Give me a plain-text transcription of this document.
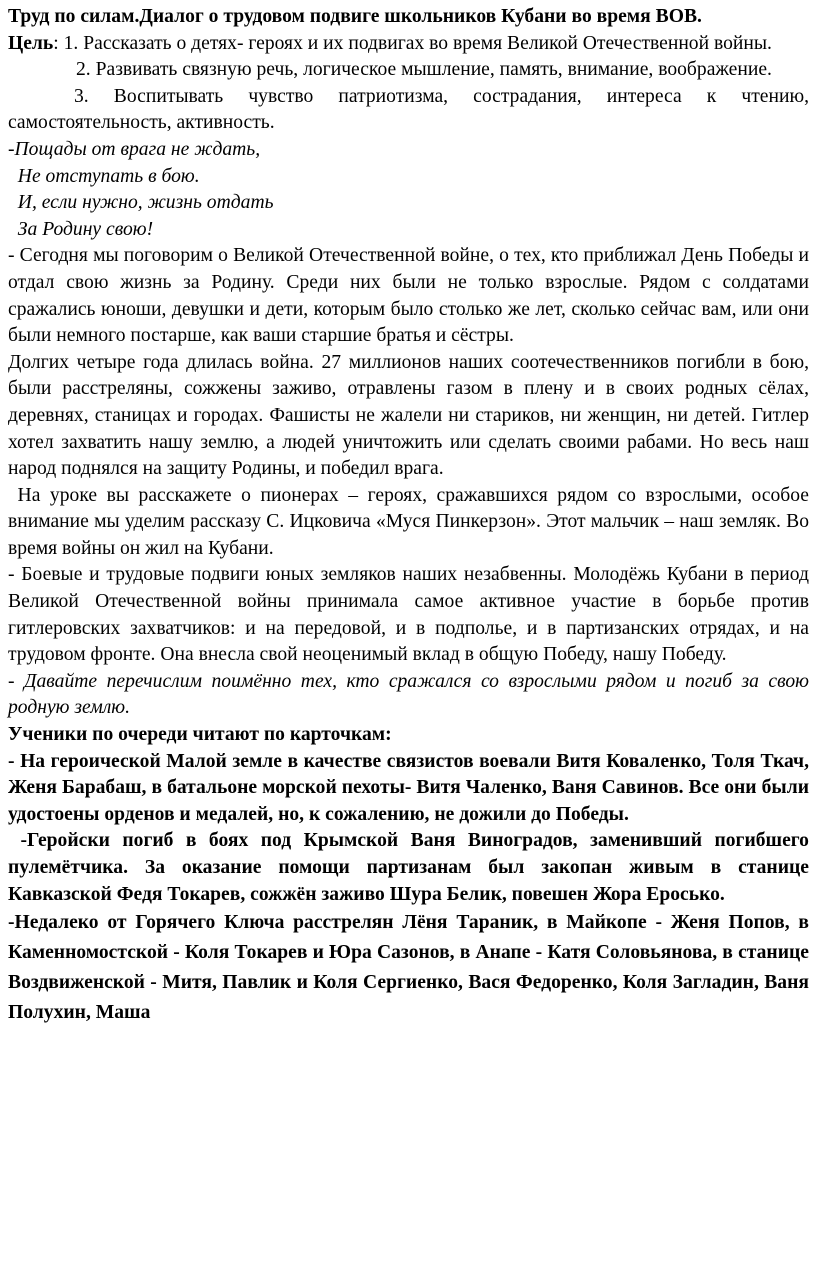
Труд по силам.Диалог о трудовом подвиге школьников Кубани во время ВОВ.

Цель: 1. Рассказать о детях- героях и их подвигах во время Великой Отечественной войны.

2. Развивать связную речь, логическое мышление, память, внимание, воображение.

3. Воспитывать чувство патриотизма, сострадания, интереса к чтению, самостоятельность, активность.

-Пощады от врага не ждать,
Не отступать в бою.
И, если нужно, жизнь отдать
За Родину свою!

- Сегодня мы поговорим о Великой Отечественной войне, о тех, кто приближал День Победы и отдал свою жизнь за Родину. Среди них были не только взрослые. Рядом с солдатами сражались юноши, девушки и дети, которым было столько же лет, сколько сейчас вам, или они были немного постарше, как ваши старшие братья и сёстры.

Долгих четыре года длилась война. 27 миллионов наших соотечественников погибли в бою, были расстреляны, сожжены заживо, отравлены газом в плену и в своих родных сёлах, деревнях, станицах и городах. Фашисты не жалели ни стариков, ни женщин, ни детей. Гитлер хотел захватить нашу землю, а людей уничтожить или сделать своими рабами. Но весь наш народ поднялся на защиту Родины, и победил врага.

На уроке вы расскажете о пионерах – героях, сражавшихся рядом со взрослыми, особое внимание мы уделим рассказу С. Ицковича «Муся Пинкерзон». Этот мальчик – наш земляк. Во время войны он жил на Кубани.

- Боевые и трудовые подвиги юных земляков наших незабвенны. Молодёжь Кубани в период Великой Отечественной войны принимала самое активное участие в борьбе против гитлеровских захватчиков: и на передовой, и в подполье, и в партизанских отрядах, и на трудовом фронте. Она внесла свой неоценимый вклад в общую Победу, нашу Победу.

- Давайте перечислим поимённо тех, кто сражался со взрослыми рядом и погиб за свою родную землю.

Ученики по очереди читают по карточкам:

- На героической Малой земле в качестве связистов воевали Витя Коваленко, Толя Ткач, Женя Барабаш, в батальоне морской пехоты- Витя Чаленко, Ваня Савинов. Все они были удостоены орденов и медалей, но, к сожалению, не дожили до Победы.

-Геройски погиб в боях под Крымской Ваня Виноградов, заменивший погибшего пулемётчика. За оказание помощи партизанам был закопан живым в станице Кавказской Федя Токарев, сожжён заживо Шура Белик, повешен Жора Еросько.

-Недалеко от Горячего Ключа расстрелян Лёня Тараник, в Майкопе - Женя Попов, в Каменномостской - Коля Токарев и Юра Сазонов, в Анапе - Катя Соловьянова, в станице Воздвиженской - Митя, Павлик и Коля Сергиенко, Вася Федоренко, Коля Загладин, Ваня Полухин, Маша
